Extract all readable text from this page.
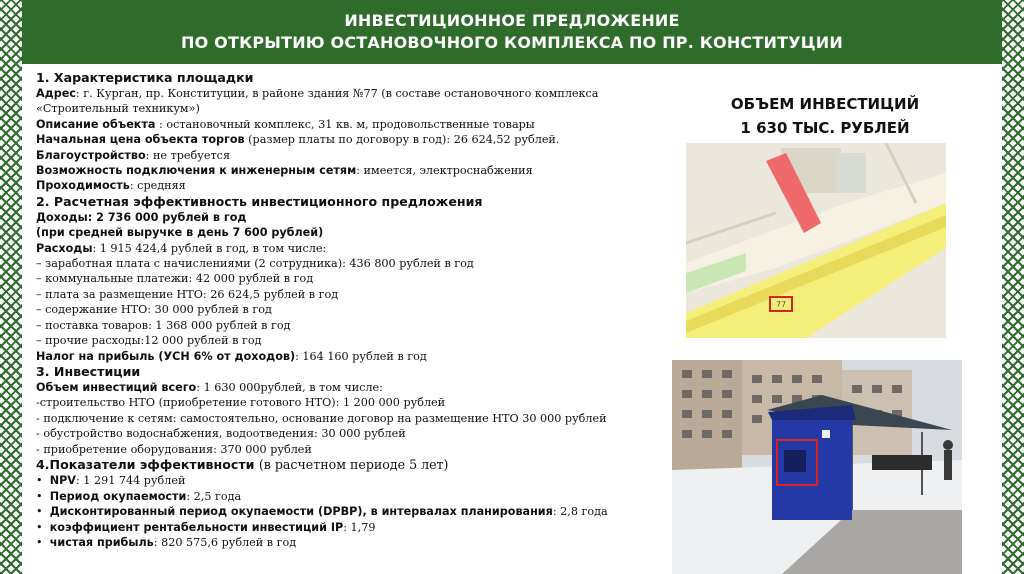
ИНВЕСТИЦИОННОЕ ПРЕДЛОЖЕНИЕ
ПО ОТКРЫТИЮ ОСТАНОВОЧНОГО КОМПЛЕКСА ПО ПР. КОНСТИТУЦИИ
1. Характеристика площадки
Адрес: г. Курган, пр. Конституции, в районе здания №77 (в составе остановочного комплекса
«Строительный техникум»)
Описание объекта : остановочный комплекс, 31 кв. м, продовольственные товары
Начальная цена объекта торгов (размер платы по договору в год): 26 624,52 рублей.
Благоустройство: не требуется
Возможность подключения к инженерным сетям: имеется, электроснабжения
Проходимость: средняя
2. Расчетная эффективность инвестиционного предложения
Доходы: 2 736 000 рублей в год
(при средней выручке в день 7 600 рублей)
Расходы: 1 915 424,4 рублей в год, в том числе:
– заработная плата с начислениями (2 сотрудника): 436 800 рублей в год
– коммунальные платежи: 42 000 рублей в год
– плата за размещение НТО: 26 624,5 рублей в год
– содержание НТО: 30 000 рублей в год
– поставка товаров: 1 368 000 рублей в год
– прочие расходы:12 000 рублей в год
Налог на прибыль (УСН 6% от доходов): 164 160 рублей в год
3. Инвестиции
Объем инвестиций всего: 1 630 000рублей, в том числе:
-строительство НТО (приобретение готового НТО): 1 200 000 рублей
- подключение к сетям: самостоятельно, основание договор на размещение НТО 30 000 рублей
- обустройство водоснабжения, водоотведения: 30 000 рублей
- приобретение оборудования: 370 000 рублей
4.Показатели эффективности (в расчетном периоде 5 лет)
•  NPV: 1 291 744 рублей
•  Период окупаемости: 2,5 года
•  Дисконтированный период окупаемости (DPBP), в интервалах планирования: 2,8 года
•  коэффициент рентабельности инвестиций IP: 1,79
•  чистая прибыль: 820 575,6 рублей в год
ОБЪЕМ ИНВЕСТИЦИЙ
1 630 ТЫС. РУБЛЕЙ
77
